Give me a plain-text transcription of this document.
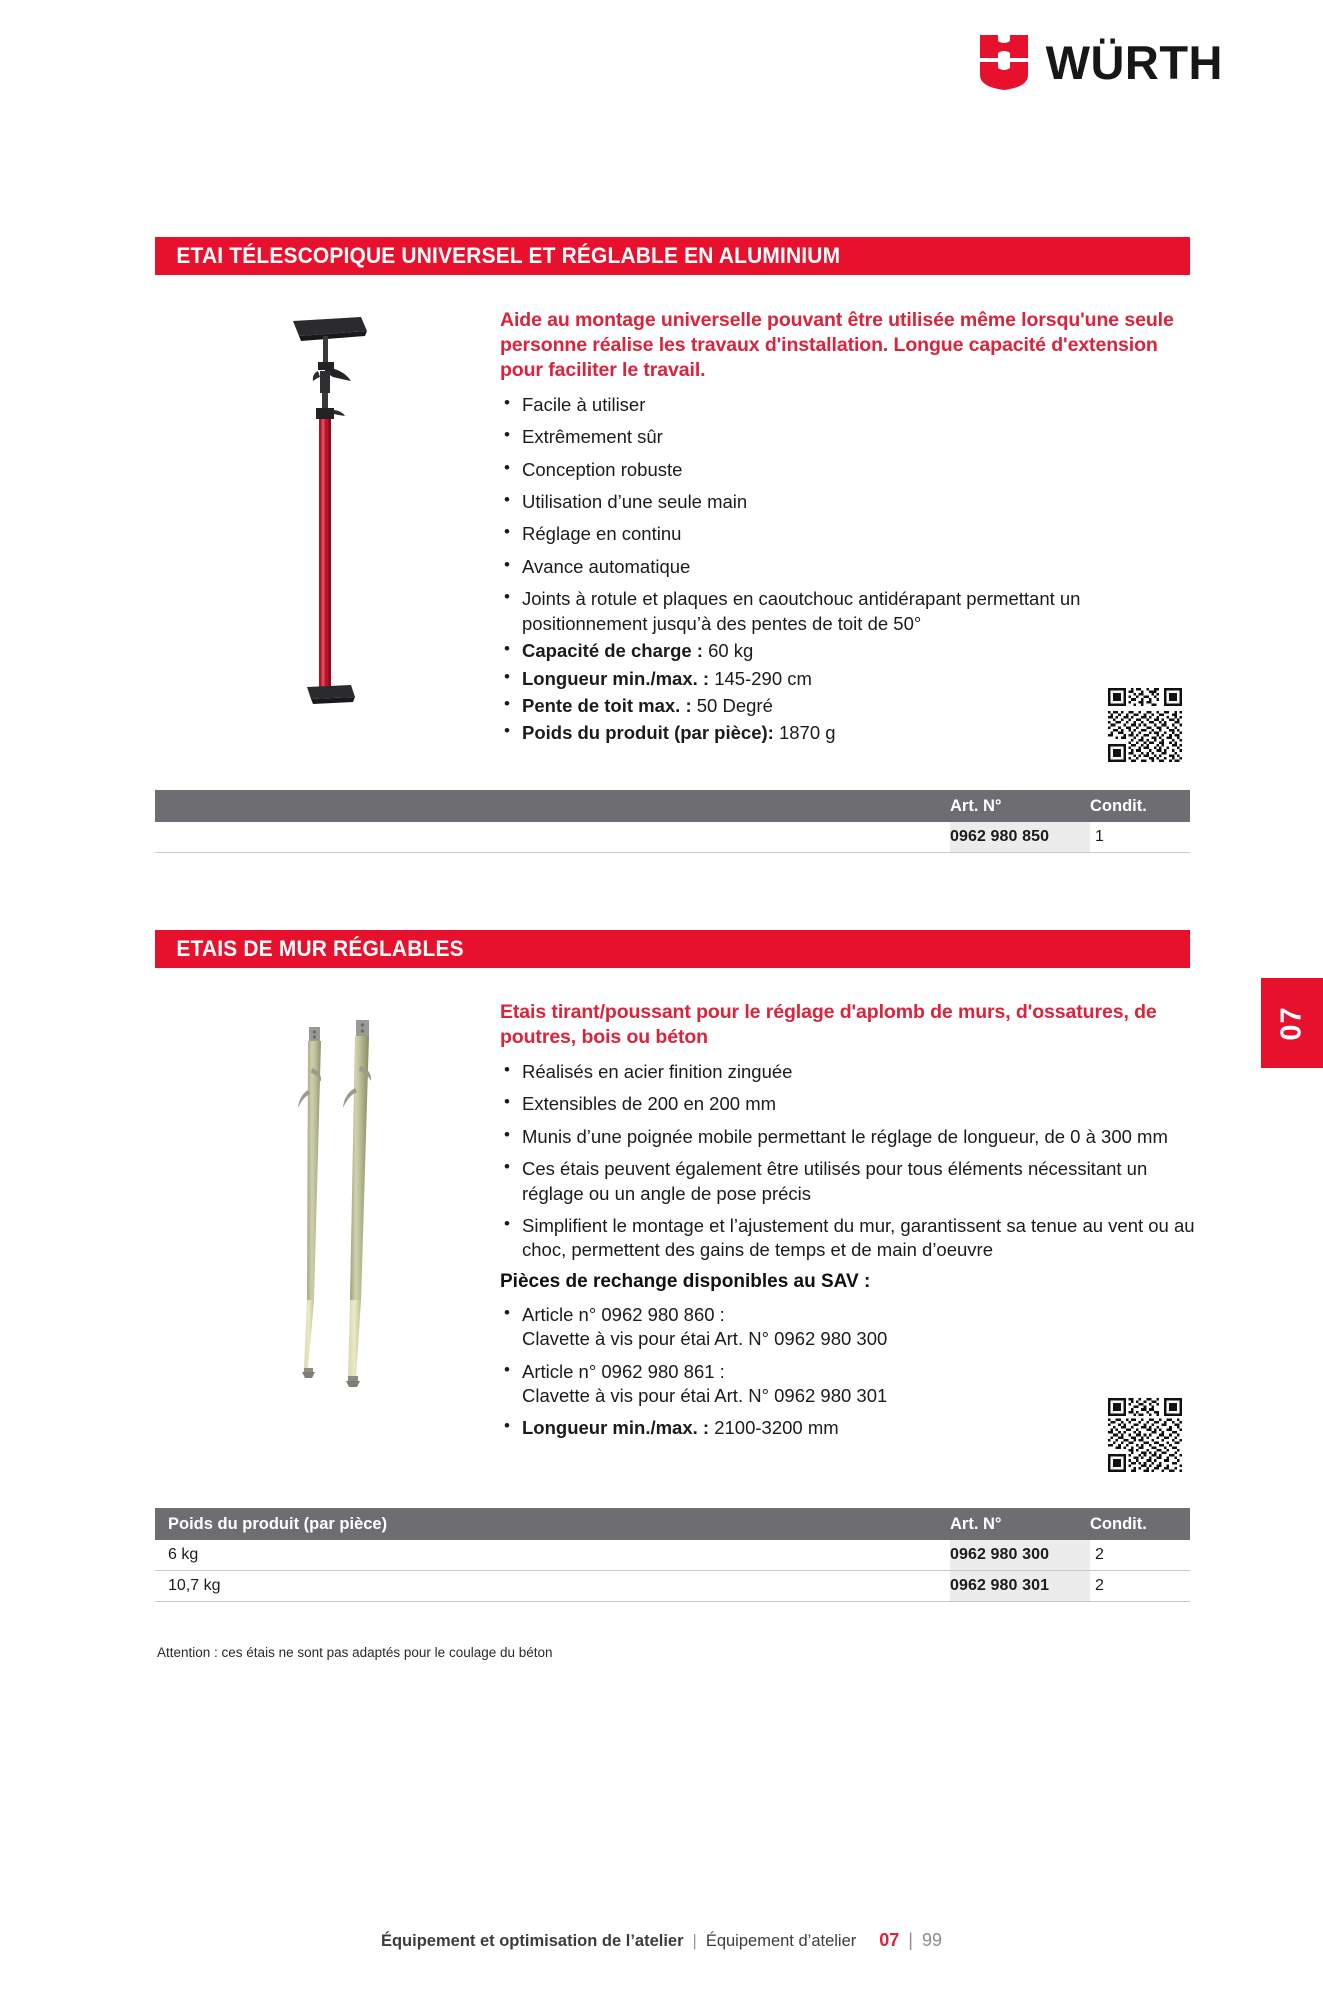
WÜRTH
ETAI TÉLESCOPIQUE UNIVERSEL ET RÉGLABLE EN ALUMINIUM
Aide au montage universelle pouvant être utilisée même lorsqu'une seule personne réalise les travaux d'installation. Longue capacité d'extension pour faciliter le travail.
• Facile à utiliser
• Extrêmement sûr
• Conception robuste
• Utilisation d’une seule main
• Réglage en continu
• Avance automatique
• Joints à rotule et plaques en caoutchouc antidérapant permettant un positionnement jusqu’à des pentes de toit de 50°
• Capacité de charge : 60 kg
• Longueur min./max. : 145-290 cm
• Pente de toit max. : 50 Degré
• Poids du produit (par pièce): 1870 g
Art. N°	Condit.
0962 980 850	1
ETAIS DE MUR RÉGLABLES
Etais tirant/poussant pour le réglage d'aplomb de murs, d'ossatures, de poutres, bois ou béton
• Réalisés en acier finition zinguée
• Extensibles de 200 en 200 mm
• Munis d’une poignée mobile permettant le réglage de longueur, de 0 à 300 mm
• Ces étais peuvent également être utilisés pour tous éléments nécessitant un réglage ou un angle de pose précis
• Simplifient le montage et l’ajustement du mur, garantissent sa tenue au vent ou au choc, permettent des gains de temps et de main d’oeuvre
Pièces de rechange disponibles au SAV :
• Article n° 0962 980 860 :
Clavette à vis pour étai Art. N° 0962 980 300
• Article n° 0962 980 861 :
Clavette à vis pour étai Art. N° 0962 980 301
• Longueur min./max. : 2100-3200 mm
Poids du produit (par pièce)	Art. N°	Condit.
6 kg	0962 980 300	2
10,7 kg	0962 980 301	2
Attention : ces étais ne sont pas adaptés pour le coulage du béton
07
Équipement et optimisation de l’atelier | Équipement d’atelier 07 | 99
